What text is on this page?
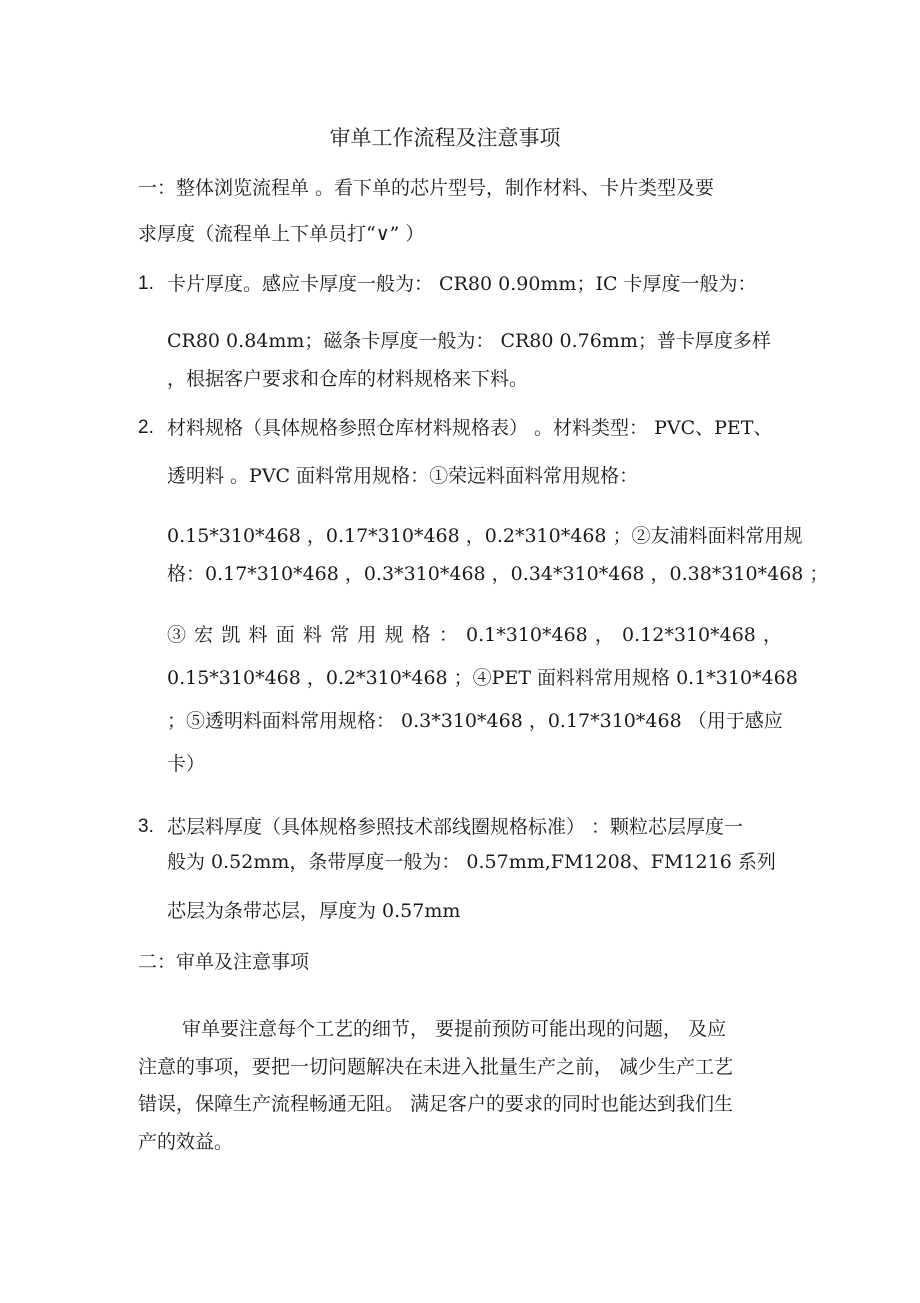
审单工作流程及注意事项
一：整体浏览流程单 。看下单的芯片型号，制作材料、卡片类型及要
求厚度（流程单上下单员打“∨” ）
1. 卡片厚度。感应卡厚度一般为： CR80 0.90mm；IC 卡厚度一般为：
CR80 0.84mm；磁条卡厚度一般为： CR80 0.76mm；普卡厚度多样
，根据客户要求和仓库的材料规格来下料。
2. 材料规格（具体规格参照仓库材料规格表） 。材料类型： PVC、PET、
透明料 。PVC 面料常用规格：①荣远料面料常用规格：
0.15*310*468 ，0.17*310*468 ，0.2*310*468 ；②友浦料面料常用规
格：0.17*310*468 ，0.3*310*468 ，0.34*310*468 ，0.38*310*468 ；
③ 宏 凯 料 面 料 常 用 规 格 ： 0.1*310*468 ， 0.12*310*468 ，
0.15*310*468 ，0.2*310*468 ；④PET 面料料常用规格 0.1*310*468
；⑤透明料面料常用规格： 0.3*310*468 ，0.17*310*468 （用于感应
卡）
3. 芯层料厚度（具体规格参照技术部线圈规格标准） ：颗粒芯层厚度一
般为 0.52mm，条带厚度一般为： 0.57mm,FM1208、FM1216 系列
芯层为条带芯层，厚度为 0.57mm
二：审单及注意事项
审单要注意每个工艺的细节， 要提前预防可能出现的问题， 及应
注意的事项，要把一切问题解决在未进入批量生产之前， 减少生产工艺
错误，保障生产流程畅通无阻。 满足客户的要求的同时也能达到我们生
产的效益。
